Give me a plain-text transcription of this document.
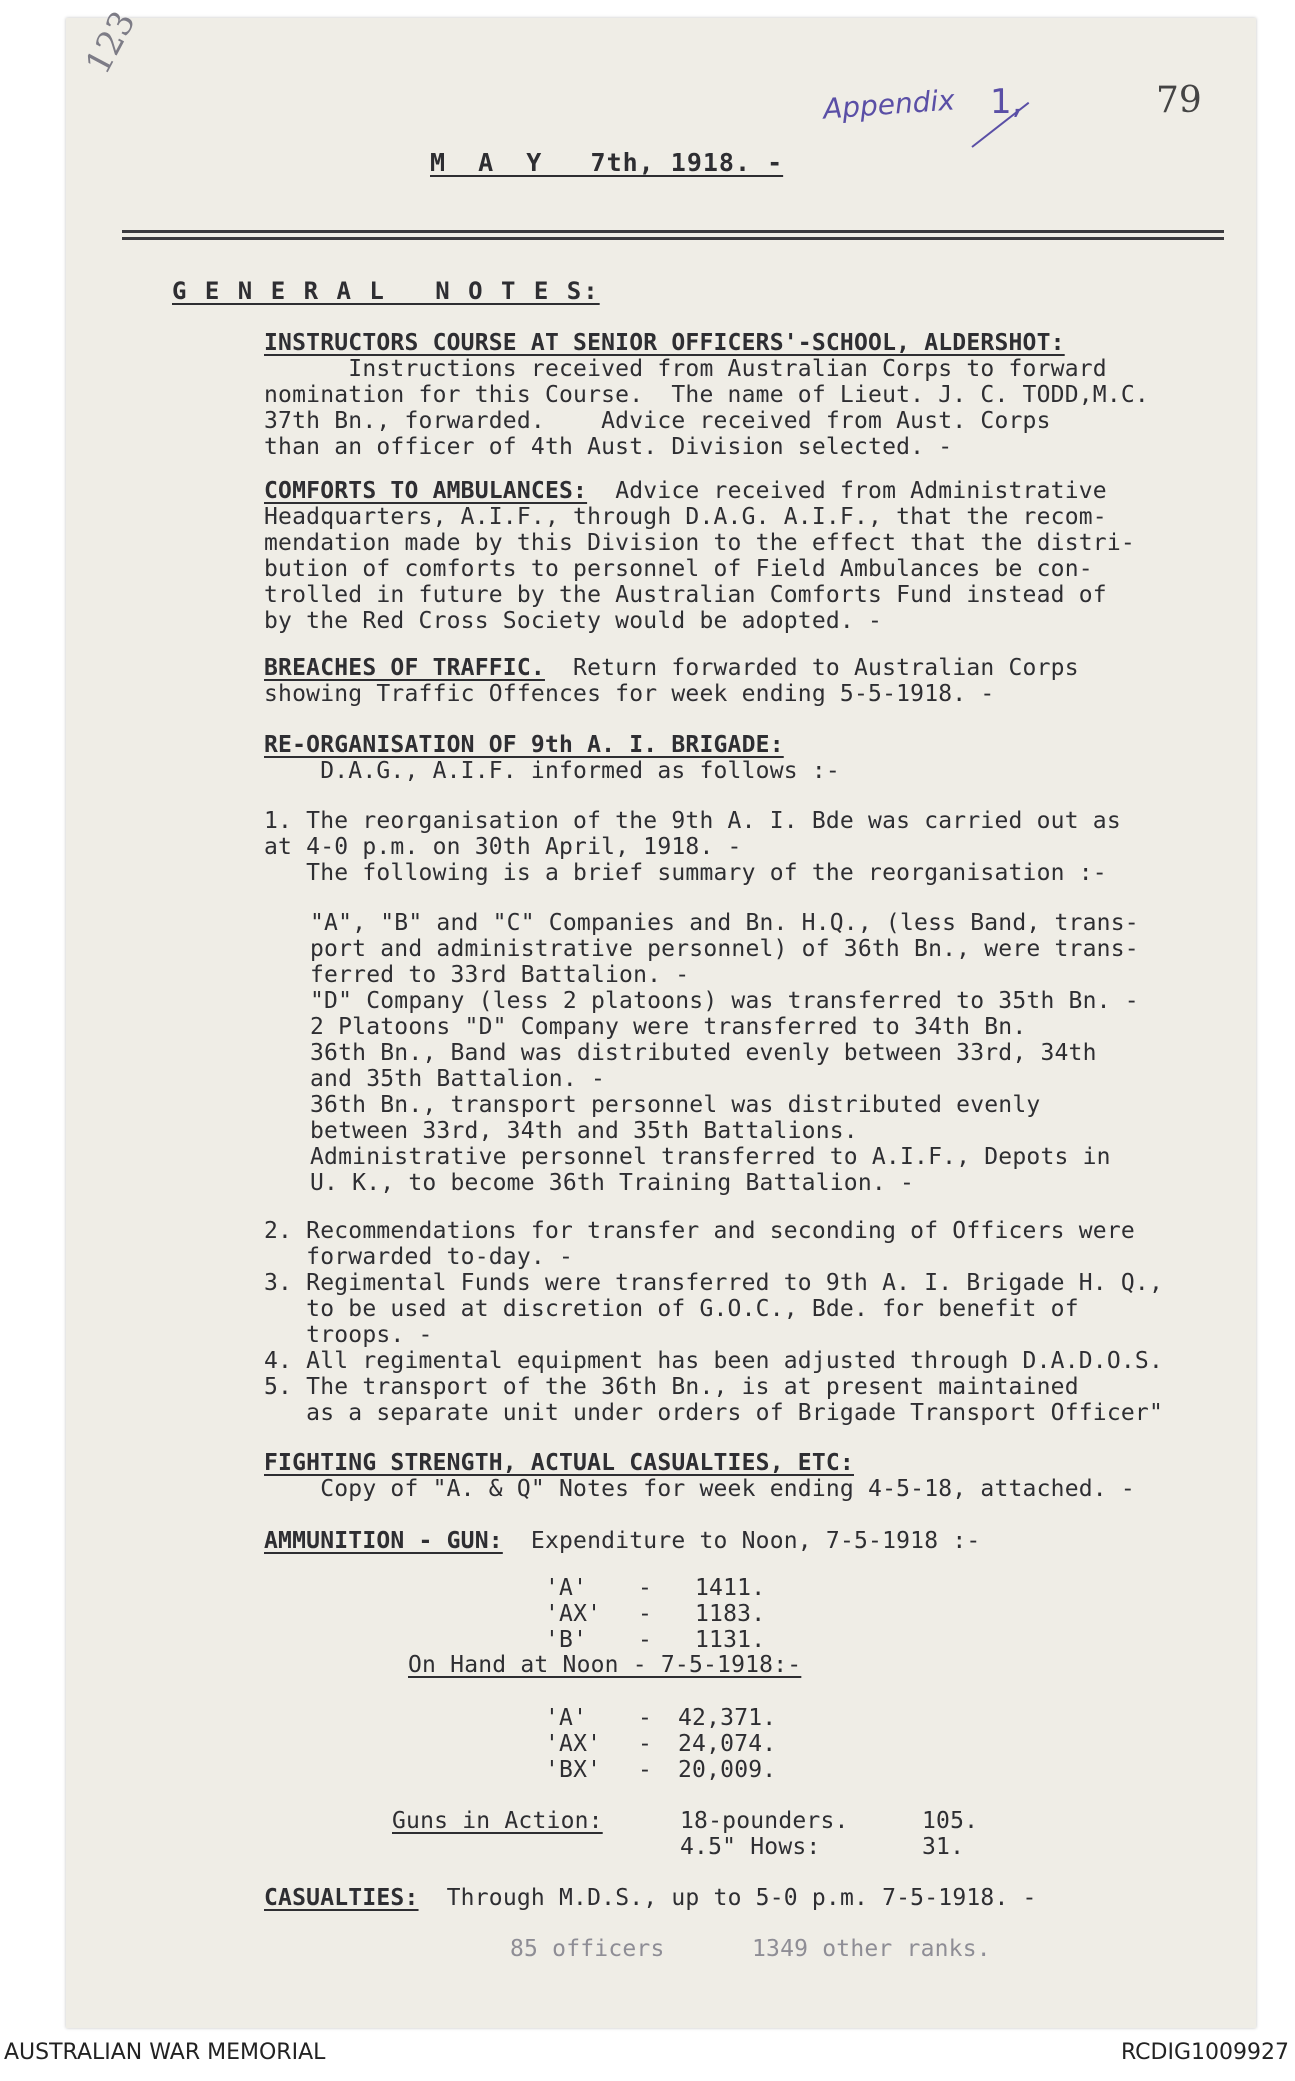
123
Appendix 1,	79
M  A  Y   7th, 1918. -
G E N E R A L   N O T E S:
INSTRUCTORS COURSE AT SENIOR OFFICERS'-SCHOOL, ALDERSHOT:
Instructions received from Australian Corps to forward
nomination for this Course.  The name of Lieut. J. C. TODD,M.C.
37th Bn., forwarded.    Advice received from Aust. Corps
than an officer of 4th Aust. Division selected. -
COMFORTS TO AMBULANCES:  Advice received from Administrative
Headquarters, A.I.F., through D.A.G. A.I.F., that the recom-
mendation made by this Division to the effect that the distri-
bution of comforts to personnel of Field Ambulances be con-
trolled in future by the Australian Comforts Fund instead of
by the Red Cross Society would be adopted. -
BREACHES OF TRAFFIC.  Return forwarded to Australian Corps
showing Traffic Offences for week ending 5-5-1918. -
RE-ORGANISATION OF 9th A. I. BRIGADE:
D.A.G., A.I.F. informed as follows :-
1. The reorganisation of the 9th A. I. Bde was carried out as
at 4-0 p.m. on 30th April, 1918. -
The following is a brief summary of the reorganisation :-
"A", "B" and "C" Companies and Bn. H.Q., (less Band, trans-
port and administrative personnel) of 36th Bn., were trans-
ferred to 33rd Battalion. -
"D" Company (less 2 platoons) was transferred to 35th Bn. -
2 Platoons "D" Company were transferred to 34th Bn.
36th Bn., Band was distributed evenly between 33rd, 34th
and 35th Battalion. -
36th Bn., transport personnel was distributed evenly
between 33rd, 34th and 35th Battalions.
Administrative personnel transferred to A.I.F., Depots in
U. K., to become 36th Training Battalion. -
2. Recommendations for transfer and seconding of Officers were
forwarded to-day. -
3. Regimental Funds were transferred to 9th A. I. Brigade H. Q.,
to be used at discretion of G.O.C., Bde. for benefit of
troops. -
4. All regimental equipment has been adjusted through D.A.D.O.S.
5. The transport of the 36th Bn., is at present maintained
as a separate unit under orders of Brigade Transport Officer"
FIGHTING STRENGTH, ACTUAL CASUALTIES, ETC:
Copy of "A. & Q" Notes for week ending 4-5-18, attached. -
AMMUNITION - GUN:  Expenditure to Noon, 7-5-1918 :-
'A' - 1411.
'AX' - 1183.
'B' - 1131.
On Hand at Noon - 7-5-1918:-
'A' - 42,371.
'AX' - 24,074.
'BX' - 20,009.
Guns in Action:	18-pounders.	105.
4.5" Hows:	31.
CASUALTIES:  Through M.D.S., up to 5-0 p.m. 7-5-1918. -
85 officers	1349 other ranks.
AUSTRALIAN WAR MEMORIAL	RCDIG1009927
